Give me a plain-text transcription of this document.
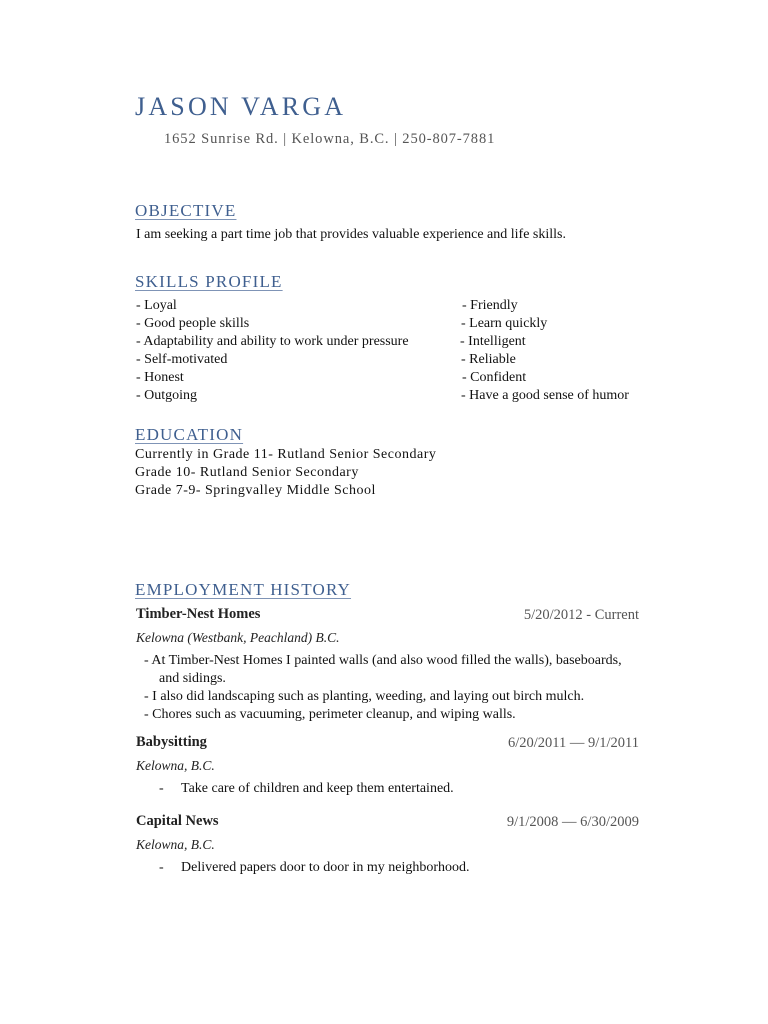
JASON VARGA
1652 Sunrise Rd. | Kelowna, B.C. | 250-807-7881
OBJECTIVE
I am seeking a part time job that provides valuable experience and life skills.
SKILLS PROFILE
- Loyal
- Good people skills
- Adaptability and ability to work under pressure
- Self-motivated
- Honest
- Outgoing
- Friendly
- Learn quickly
- Intelligent
- Reliable
- Confident
- Have a good sense of humor
EDUCATION
Currently in Grade 11- Rutland Senior Secondary
Grade 10- Rutland Senior Secondary
Grade 7-9- Springvalley Middle School
EMPLOYMENT HISTORY
Timber-Nest Homes	5/20/2012 - Current
Kelowna (Westbank, Peachland) B.C.
- At Timber-Nest Homes I painted walls (and also wood filled the walls), baseboards,
and sidings.
- I also did landscaping such as planting, weeding, and laying out birch mulch.
- Chores such as vacuuming, perimeter cleanup, and wiping walls.
Babysitting	6/20/2011 — 9/1/2011
Kelowna, B.C.
- Take care of children and keep them entertained.
Capital News	9/1/2008 — 6/30/2009
Kelowna, B.C.
- Delivered papers door to door in my neighborhood.
